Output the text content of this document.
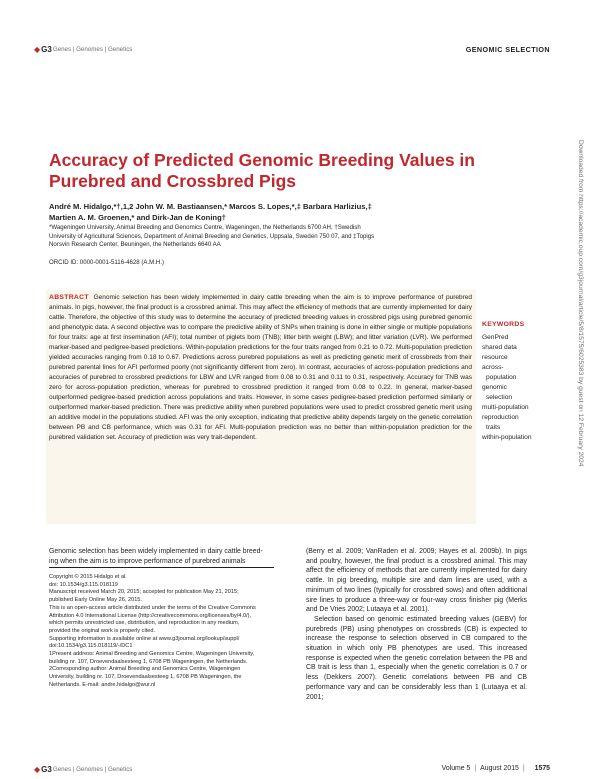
◆ G3 Genes | Genomes | Genetics	GENOMIC SELECTION
Accuracy of Predicted Genomic Breeding Values in Purebred and Crossbred Pigs
André M. Hidalgo,*†,1,2 John W. M. Bastiaansen,* Marcos S. Lopes,*,‡ Barbara Harlizius,‡
Martien A. M. Groenen,* and Dirk-Jan de Koning†
*Wageningen University, Animal Breeding and Genomics Centre, Wageningen, the Netherlands 6700 AH, †Swedish
University of Agricultural Sciences, Department of Animal Breeding and Genetics, Uppsala, Sweden 750 07, and ‡Topigs
Norsvin Research Center, Beuningen, the Netherlands 6640 AA
ORCID ID: 0000-0001-5116-4628 (A.M.H.)
ABSTRACT Genomic selection has been widely implemented in dairy cattle breeding when the aim is to improve performance of purebred animals. In pigs, however, the final product is a crossbred animal. This may affect the efficiency of methods that are currently implemented for dairy cattle. Therefore, the objective of this study was to determine the accuracy of predicted breeding values in crossbred pigs using purebred genomic and phenotypic data. A second objective was to compare the predictive ability of SNPs when training is done in either single or multiple populations for four traits: age at first insemination (AFI); total number of piglets born (TNB); litter birth weight (LBW); and litter variation (LVR). We performed marker-based and pedigree-based predictions. Within-population predictions for the four traits ranged from 0.21 to 0.72. Multi-population prediction yielded accuracies ranging from 0.18 to 0.67. Predictions across purebred populations as well as predicting genetic merit of crossbreds from their purebred parental lines for AFI performed poorly (not significantly different from zero). In contrast, accuracies of across-population predictions and accuracies of purebred to crossbred predictions for LBW and LVR ranged from 0.08 to 0.31 and 0.11 to 0.31, respectively. Accuracy for TNB was zero for across-population prediction, whereas for purebred to crossbred prediction it ranged from 0.08 to 0.22. In general, marker-based outperformed pedigree-based prediction across populations and traits. However, in some cases pedigree-based prediction performed similarly or outperformed marker-based prediction. There was predictive ability when purebred populations were used to predict crossbred genetic merit using an additive model in the populations studied. AFI was the only exception, indicating that predictive ability depends largely on the genetic correlation between PB and CB performance, which was 0.31 for AFI. Multi-population prediction was no better than within-population prediction for the purebred validation set. Accuracy of prediction was very trait-dependent.
KEYWORDS
GenPred
shared data
resource
across-
population
genomic
selection
multi-population
reproduction
traits
within-population	Downloaded from https://academic.oup.com/g3journal/article/5/8/1575/6025383 by guest on 12 February 2024
Genomic selection has been widely implemented in dairy cattle breed-
ing when the aim is to improve performance of purebred animals

Copyright © 2015 Hidalgo et al.

doi: 10.1534/g3.115.018119

Manuscript received March 20, 2015; accepted for publication May 21, 2015;

published Early Online May 26, 2015.

This is an open-access article distributed under the terms of the Creative Commons

Attribution 4.0 International License (http://creativecommons.org/licenses/by/4.0/),

which permits unrestricted use, distribution, and reproduction in any medium,

provided the original work is properly cited.

Supporting information is available online at www.g3journal.org/lookup/suppl/

doi:10.1534/g3.115.018119/-/DC1

1Present address: Animal Breeding and Genomics Centre, Wageningen University,

building nr. 107, Droevendaalsesteeg 1, 6708 PB Wageningen, the Netherlands.

2Corresponding author: Animal Breeding and Genomics Centre, Wageningen

University, building nr. 107, Droevendaalsesteeg 1, 6708 PB Wageningen, the

Netherlands. E-mail: andre.hidalgo@wur.nl

(Berry et al. 2009; VanRaden et al. 2009; Hayes et al. 2009b). In pigs and poultry, however, the final product is a crossbred animal. This may affect the efficiency of methods that are currently implemented for dairy cattle. In pig breeding, multiple sire and dam lines are used, with a minimum of two lines (typically for crossbred sows) and often additional sire lines to produce a three-way or four-way cross finisher pig (Merks and De Vries 2002; Lutaaya et al. 2001).

Selection based on genomic estimated breeding values (GEBV) for purebreds (PB) using phenotypes on crossbreds (CB) is expected to increase the response to selection observed in CB compared to the situation in which only PB phenotypes are used. This increased response is expected when the genetic correlation between the PB and CB trait is less than 1, especially when the genetic correlation is 0.7 or less (Dekkers 2007). Genetic correlations between PB and CB performance vary and can be considerably less than 1 (Lutaaya et al. 2001;

◆ G3 Genes | Genomes | Genetics	Volume 5 | August 2015 | 1575
